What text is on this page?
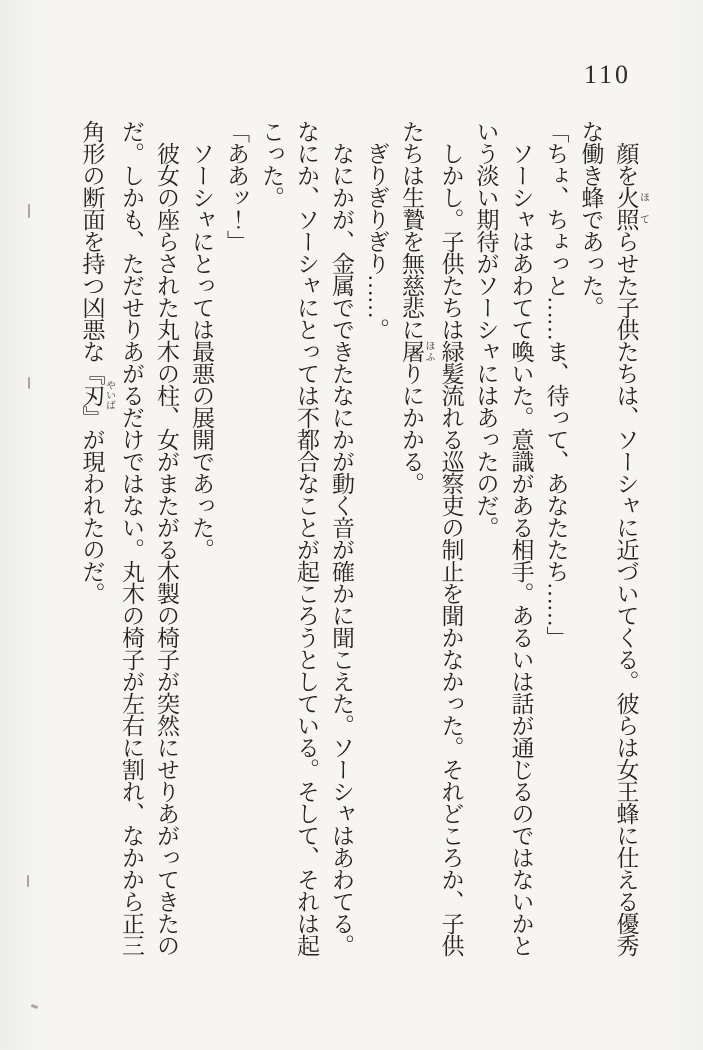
110
顔を火照 ほてらせた子供たちは、ソーシャに近づいてくる。彼らは女王蜂に仕える優秀
な働き蜂であった。
「ちょ、ちょっと……ま、待って、あなたたち……」
ソーシャはあわてて喚いた。意識がある相手。あるいは話が通じるのではないかと
いう淡い期待がソーシャにはあったのだ。
しかし。子供たちは緑髪流れる巡察吏の制止を聞かなかった。それどころか、子供
たちは生贄を無慈悲に屠 ほふりにかかる。
ぎりぎりぎり……。
なにかが、金属でできたなにかが動く音が確かに聞こえた。ソーシャはあわてる。
なにか、ソーシャにとっては不都合なことが起ころうとしている。そして、それは起
こった。
「ああッ！」
ソーシャにとっては最悪の展開であった。
彼女の座らされた丸木の柱、女がまたがる木製の椅子が突然にせりあがってきたの
だ。しかも、ただせりあがるだけではない。丸木の椅子が左右に割れ、なかから正三
角形の断面を持つ凶悪な『刃 やいば』が現われたのだ。
